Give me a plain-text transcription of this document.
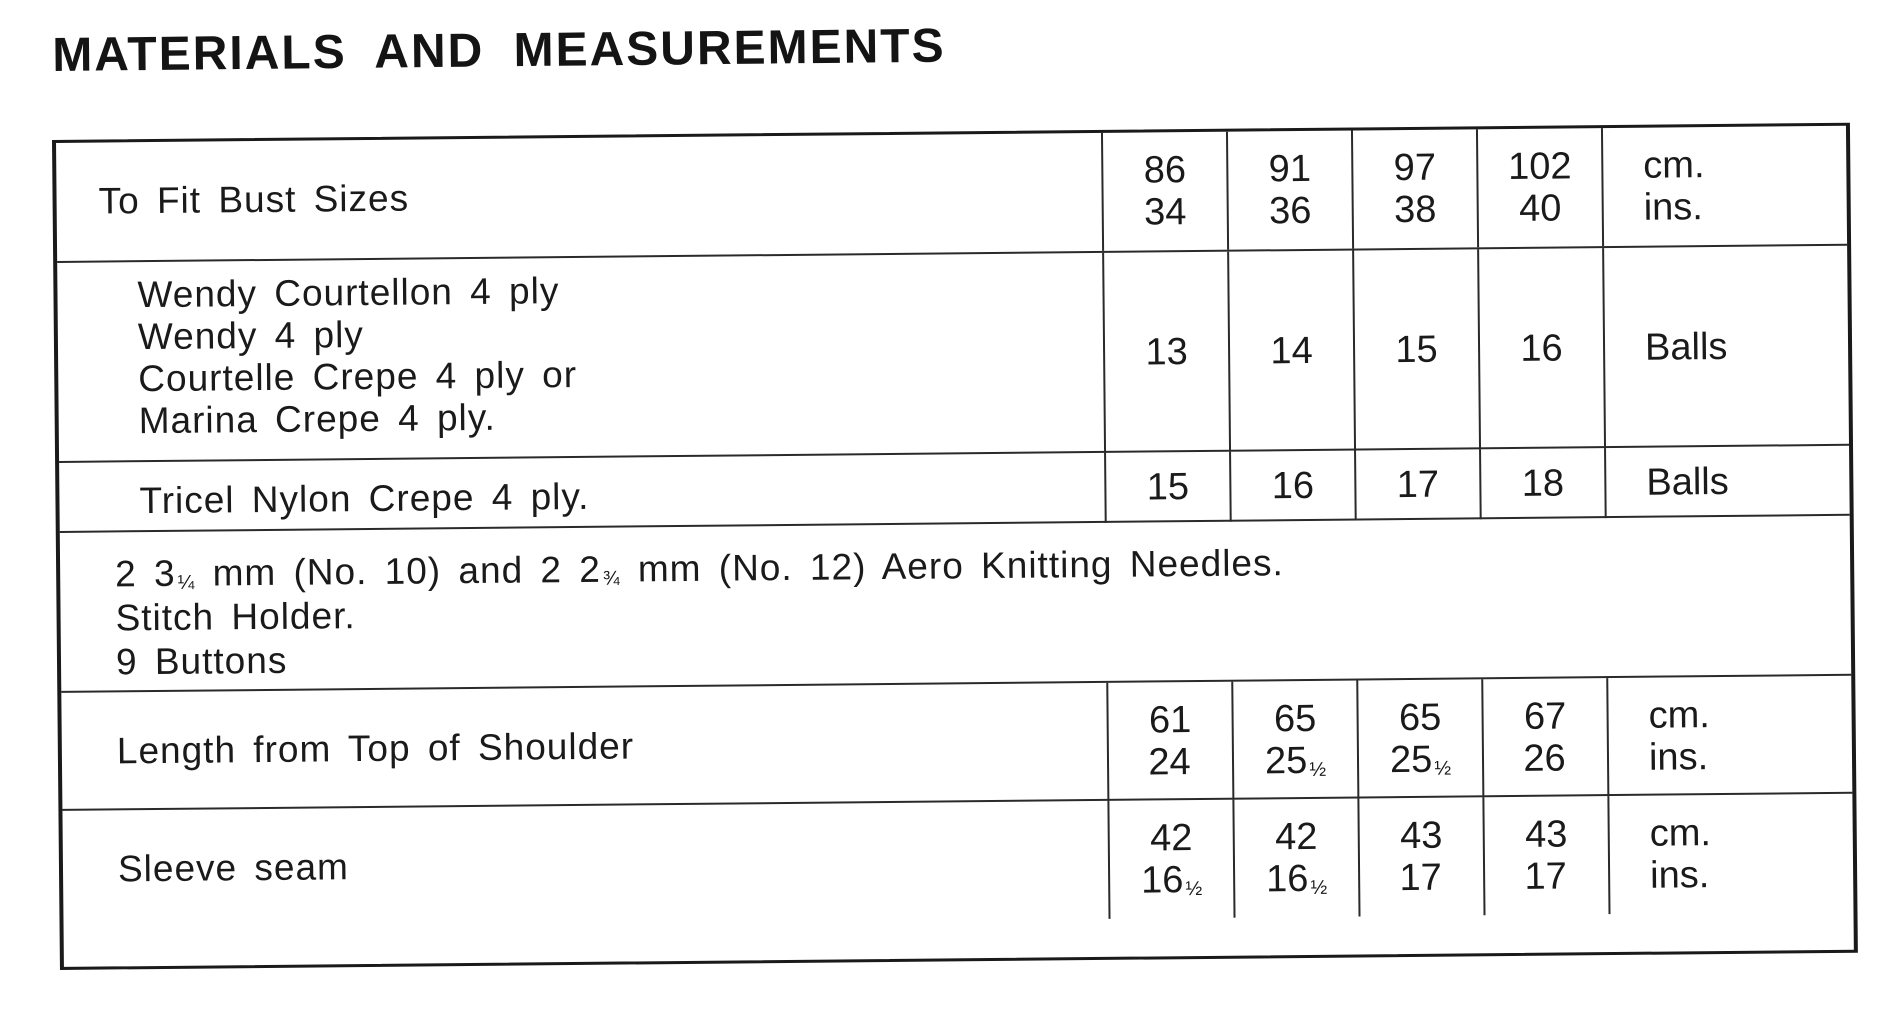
MATERIALS AND MEASUREMENTS
To Fit Bust Sizes
86
34
91
36
97
38
102
40
cm.
ins.
Wendy Courtellon 4 ply
Wendy 4 ply
Courtelle Crepe 4 ply or
Marina Crepe 4 ply.
13 14 15 16 Balls
Tricel Nylon Crepe 4 ply.	15 16 17 18 Balls
2 3¼ mm (No. 10) and 2 2¾ mm (No. 12) Aero Knitting Needles.
Stitch Holder.
9 Buttons
Length from Top of Shoulder
61
24
65
25½
65
25½
67
26
cm.
ins.
Sleeve seam
42
16½
42
16½
43
17
43
17
cm.
ins.
